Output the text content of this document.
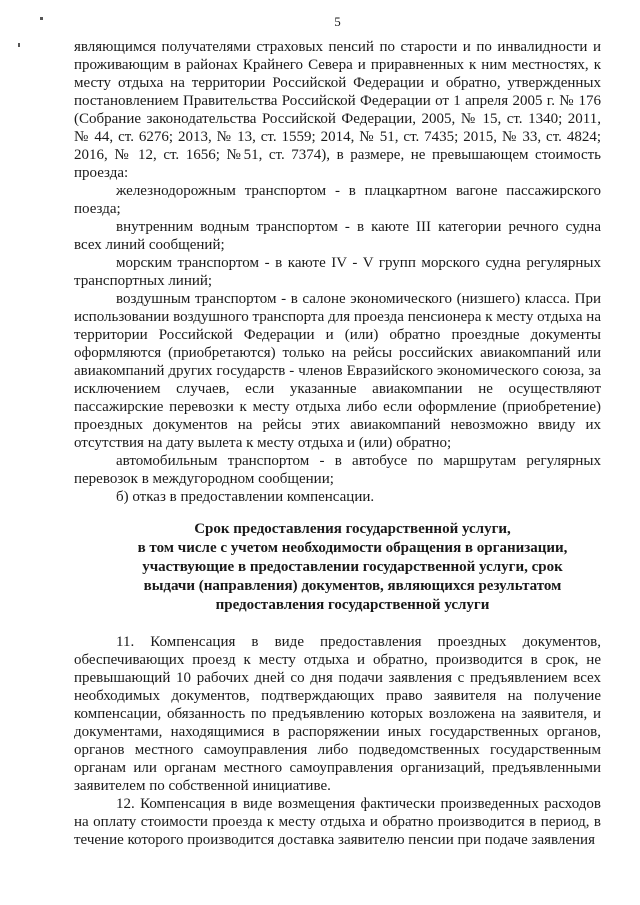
5

являющимся получателями страховых пенсий по старости и по инвалидности и проживающим в районах Крайнего Севера и приравненных к ним местностях, к месту отдыха на территории Российской Федерации и обратно, утвержденных постановлением Правительства Российской Федерации от 1 апреля 2005 г. № 176 (Собрание законодательства Российской Федерации, 2005, № 15, ст. 1340; 2011, № 44, ст. 6276; 2013, № 13, ст. 1559; 2014, № 51, ст. 7435; 2015, № 33, ст. 4824; 2016, № 12, ст. 1656; №51, ст. 7374), в размере, не превышающем стоимость проезда:

железнодорожным транспортом - в плацкартном вагоне пассажирского поезда;

внутренним водным транспортом - в каюте III категории речного судна всех линий сообщений;

морским транспортом - в каюте IV - V групп морского судна регулярных транспортных линий;

воздушным транспортом - в салоне экономического (низшего) класса. При использовании воздушного транспорта для проезда пенсионера к месту отдыха на территории Российской Федерации и (или) обратно проездные документы оформляются (приобретаются) только на рейсы российских авиакомпаний или авиакомпаний других государств - членов Евразийского экономического союза, за исключением случаев, если указанные авиакомпании не осуществляют пассажирские перевозки к месту отдыха либо если оформление (приобретение) проездных документов на рейсы этих авиакомпаний невозможно ввиду их отсутствия на дату вылета к месту отдыха и (или) обратно;

автомобильным транспортом - в автобусе по маршрутам регулярных перевозок в междугородном сообщении;

б) отказ в предоставлении компенсации.

Срок предоставления государственной услуги,
в том числе с учетом необходимости обращения в организации,
участвующие в предоставлении государственной услуги, срок
выдачи (направления) документов, являющихся результатом
предоставления государственной услуги

11. Компенсация в виде предоставления проездных документов, обеспечивающих проезд к месту отдыха и обратно, производится в срок, не превышающий 10 рабочих дней со дня подачи заявления с предъявлением всех необходимых документов, подтверждающих право заявителя на получение компенсации, обязанность по предъявлению которых возложена на заявителя, и документами, находящимися в распоряжении иных государственных органов, органов местного самоуправления либо подведомственных государственным органам или органам местного самоуправления организаций, предъявленными заявителем по собственной инициативе.

12. Компенсация в виде возмещения фактически произведенных расходов на оплату стоимости проезда к месту отдыха и обратно производится в период, в течение которого производится доставка заявителю пенсии при подаче заявления
